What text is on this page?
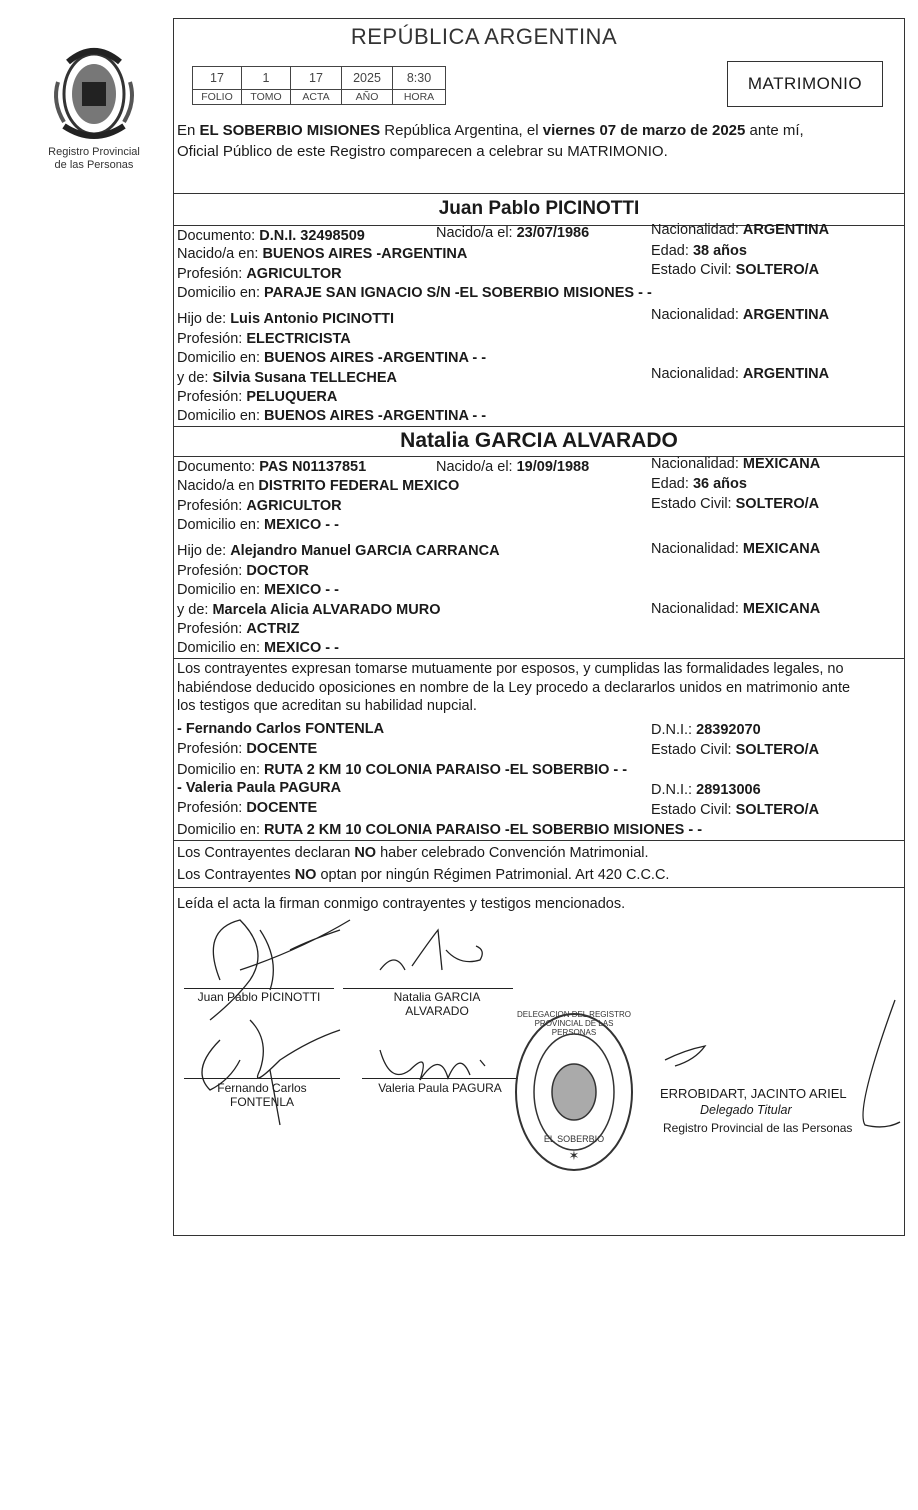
Registro Provincial
de las Personas
REPÚBLICA ARGENTINA
17	1	17	2025	8:30
FOLIO	TOMO	ACTA	AÑO	HORA
MATRIMONIO
En EL SOBERBIO MISIONES República Argentina, el viernes 07 de marzo de 2025 ante mí,
Oficial Público de este Registro comparecen a celebrar su MATRIMONIO.
Juan Pablo PICINOTTI
Documento: D.N.I. 32498509	Nacido/a el: 23/07/1986	Nacionalidad: ARGENTINA
Nacido/a en: BUENOS AIRES -ARGENTINA	Edad: 38 años
Profesión: AGRICULTOR	Estado Civil: SOLTERO/A
Domicilio en: PARAJE SAN IGNACIO S/N -EL SOBERBIO MISIONES - -
Hijo de: Luis Antonio PICINOTTI	Nacionalidad: ARGENTINA
Profesión: ELECTRICISTA
Domicilio en: BUENOS AIRES -ARGENTINA - -
y de: Silvia Susana TELLECHEA	Nacionalidad: ARGENTINA
Profesión: PELUQUERA
Domicilio en: BUENOS AIRES -ARGENTINA - -
Natalia GARCIA ALVARADO
Documento: PAS N01137851	Nacido/a el: 19/09/1988	Nacionalidad: MEXICANA
Nacido/a en DISTRITO FEDERAL MEXICO	Edad: 36 años
Profesión: AGRICULTOR	Estado Civil: SOLTERO/A
Domicilio en: MEXICO - -
Hijo de: Alejandro Manuel GARCIA CARRANCA	Nacionalidad: MEXICANA
Profesión: DOCTOR
Domicilio en: MEXICO - -
y de: Marcela Alicia ALVARADO MURO	Nacionalidad: MEXICANA
Profesión: ACTRIZ
Domicilio en: MEXICO - -
Los contrayentes expresan tomarse mutuamente por esposos, y cumplidas las formalidades legales, no
habiéndose deducido oposiciones en nombre de la Ley procedo a declararlos unidos en matrimonio ante
los testigos que acreditan su habilidad nupcial.
- Fernando Carlos FONTENLA	D.N.I.: 28392070
Profesión: DOCENTE	Estado Civil: SOLTERO/A
Domicilio en: RUTA 2 KM 10 COLONIA PARAISO -EL SOBERBIO - -
- Valeria Paula PAGURA	D.N.I.: 28913006
Profesión: DOCENTE	Estado Civil: SOLTERO/A
Domicilio en: RUTA 2 KM 10 COLONIA PARAISO -EL SOBERBIO MISIONES - -
Los Contrayentes declaran NO haber celebrado Convención Matrimonial.
Los Contrayentes NO optan por ningún Régimen Patrimonial. Art 420 C.C.C.
Leída el acta la firman conmigo contrayentes y testigos mencionados.
Juan Pablo PICINOTTI	Natalia GARCIA
ALVARADO
Fernando Carlos
FONTENLA
Valeria Paula PAGURA
✶
DELEGACION DEL REGISTRO PROVINCIAL DE LAS PERSONAS
EL SOBERBIO
ERROBIDART, JACINTO ARIEL
Delegado Titular
Registro Provincial de las Personas
